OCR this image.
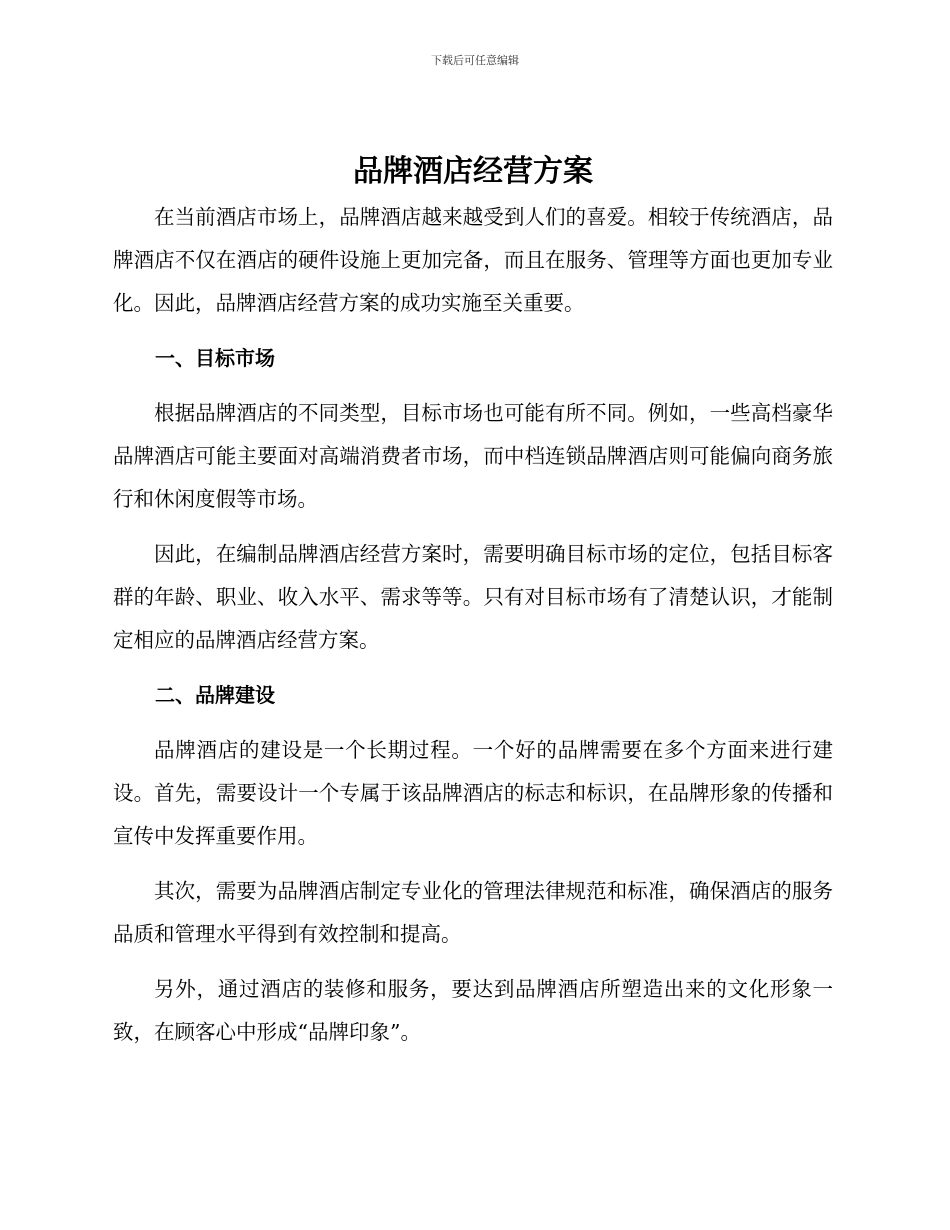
下载后可任意编辑
品牌酒店经营方案

在当前酒店市场上，品牌酒店越来越受到人们的喜爱。相较于传统酒店，品牌酒店不仅在酒店的硬件设施上更加完备，而且在服务、管理等方面也更加专业化。因此，品牌酒店经营方案的成功实施至关重要。

一、目标市场

根据品牌酒店的不同类型，目标市场也可能有所不同。例如，一些高档豪华品牌酒店可能主要面对高端消费者市场，而中档连锁品牌酒店则可能偏向商务旅行和休闲度假等市场。

因此，在编制品牌酒店经营方案时，需要明确目标市场的定位，包括目标客群的年龄、职业、收入水平、需求等等。只有对目标市场有了清楚认识，才能制定相应的品牌酒店经营方案。

二、品牌建设

品牌酒店的建设是一个长期过程。一个好的品牌需要在多个方面来进行建设。首先，需要设计一个专属于该品牌酒店的标志和标识，在品牌形象的传播和宣传中发挥重要作用。

其次，需要为品牌酒店制定专业化的管理法律规范和标准，确保酒店的服务品质和管理水平得到有效控制和提高。

另外，通过酒店的装修和服务，要达到品牌酒店所塑造出来的文化形象一致，在顾客心中形成“品牌印象”。
